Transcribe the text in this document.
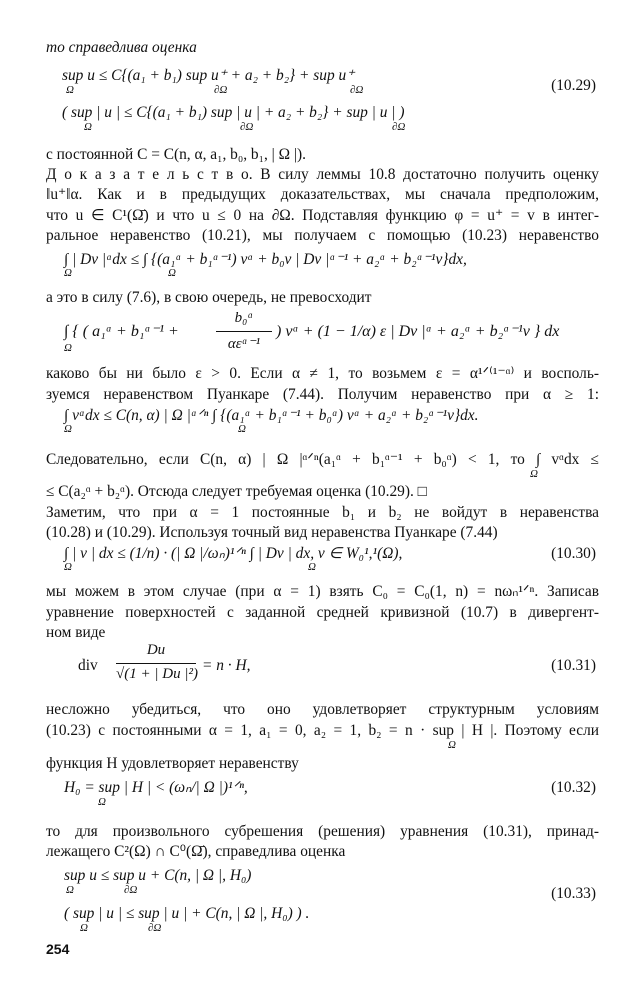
то справедлива оценка
sup u ≤ C{(a₁ + b₁) sup u⁺ + a₂ + b₂} + sup u⁺
Ω	∂Ω	∂Ω	(10.29)
( sup | u | ≤ C{(a₁ + b₁) sup | u | + a₂ + b₂} + sup | u | )
Ω	∂Ω	∂Ω
с постоянной C = C(n, α, a₁, b₀, b₁, | Ω |).
Д о к а з а т е л ь с т в о. В силу леммы 10.8 достаточно получить оценку
‖u⁺‖α. Как и в предыдущих доказательствах, мы сначала предположим,
что u ∈ C¹(Ω̄) и что u ≤ 0 на ∂Ω. Подставляя функцию φ = u⁺ = v в интег-
ральное неравенство (10.21), мы получаем с помощью (10.23) неравенство
∫ | Dv |ᵅdx ≤ ∫ {(a₁ᵅ + b₁ᵅ⁻¹) vᵅ + b₀v | Dv |ᵅ⁻¹ + a₂ᵅ + b₂ᵅ⁻¹v}dx,
Ω	Ω
а это в силу (7.6), в свою очередь, не превосходит
∫ { ( a₁ᵅ + b₁ᵅ⁻¹ +
b₀ᵅ
αεᵅ⁻¹
) vᵅ + (1 − 1/α) ε | Dv |ᵅ + a₂ᵅ + b₂ᵅ⁻¹v } dx
Ω
каково бы ни было ε > 0. Если α ≠ 1, то возьмем ε = α¹ᐟ⁽¹⁻ᵅ⁾ и восполь-
зуемся неравенством Пуанкаре (7.44). Получим неравенство при α ≥ 1:
∫ vᵅdx ≤ C(n, α) | Ω |ᵅᐟⁿ ∫ {(a₁ᵅ + b₁ᵅ⁻¹ + b₀ᵅ) vᵅ + a₂ᵅ + b₂ᵅ⁻¹v}dx.
Ω	Ω
Следовательно, если C(n, α) | Ω |ᵅᐟⁿ(a₁ᵅ + b₁ᵅ⁻¹ + b₀ᵅ) < 1, то ∫ vᵅdx ≤
Ω
≤ C(a₂ᵅ + b₂ᵅ). Отсюда следует требуемая оценка (10.29). □
Заметим, что при α = 1 постоянные b₁ и b₂ не войдут в неравенства
(10.28) и (10.29). Используя точный вид неравенства Пуанкаре (7.44)
∫ | v | dx ≤ (1/n) · (| Ω |/ωₙ)¹ᐟⁿ ∫ | Dv | dx, v ∈ W₀¹,¹(Ω),
Ω	Ω
(10.30)
мы можем в этом случае (при α = 1) взять C₀ = C₀(1, n) = nωₙ¹ᐟⁿ. Записав
уравнение поверхностей с заданной средней кривизной (10.7) в дивергент-
ном виде
div
Du
√(1 + | Du |²) = n · H,	(10.31)
несложно убедиться, что оно удовлетворяет структурным условиям
(10.23) с постоянными α = 1, a₁ = 0, a₂ = 1, b₂ = n · sup | H |. Поэтому если
Ω
функция H удовлетворяет неравенству
H₀ = sup | H | < (ωₙ/| Ω |)¹ᐟⁿ,
Ω
(10.32)
то для произвольного субрешения (решения) уравнения (10.31), принад-
лежащего C²(Ω) ∩ C⁰(Ω̄), справедлива оценка
sup u ≤ sup u + C(n, | Ω |, H₀)
Ω	∂Ω	(10.33)
( sup | u | ≤ sup | u | + C(n, | Ω |, H₀) ) .
Ω	∂Ω
254
